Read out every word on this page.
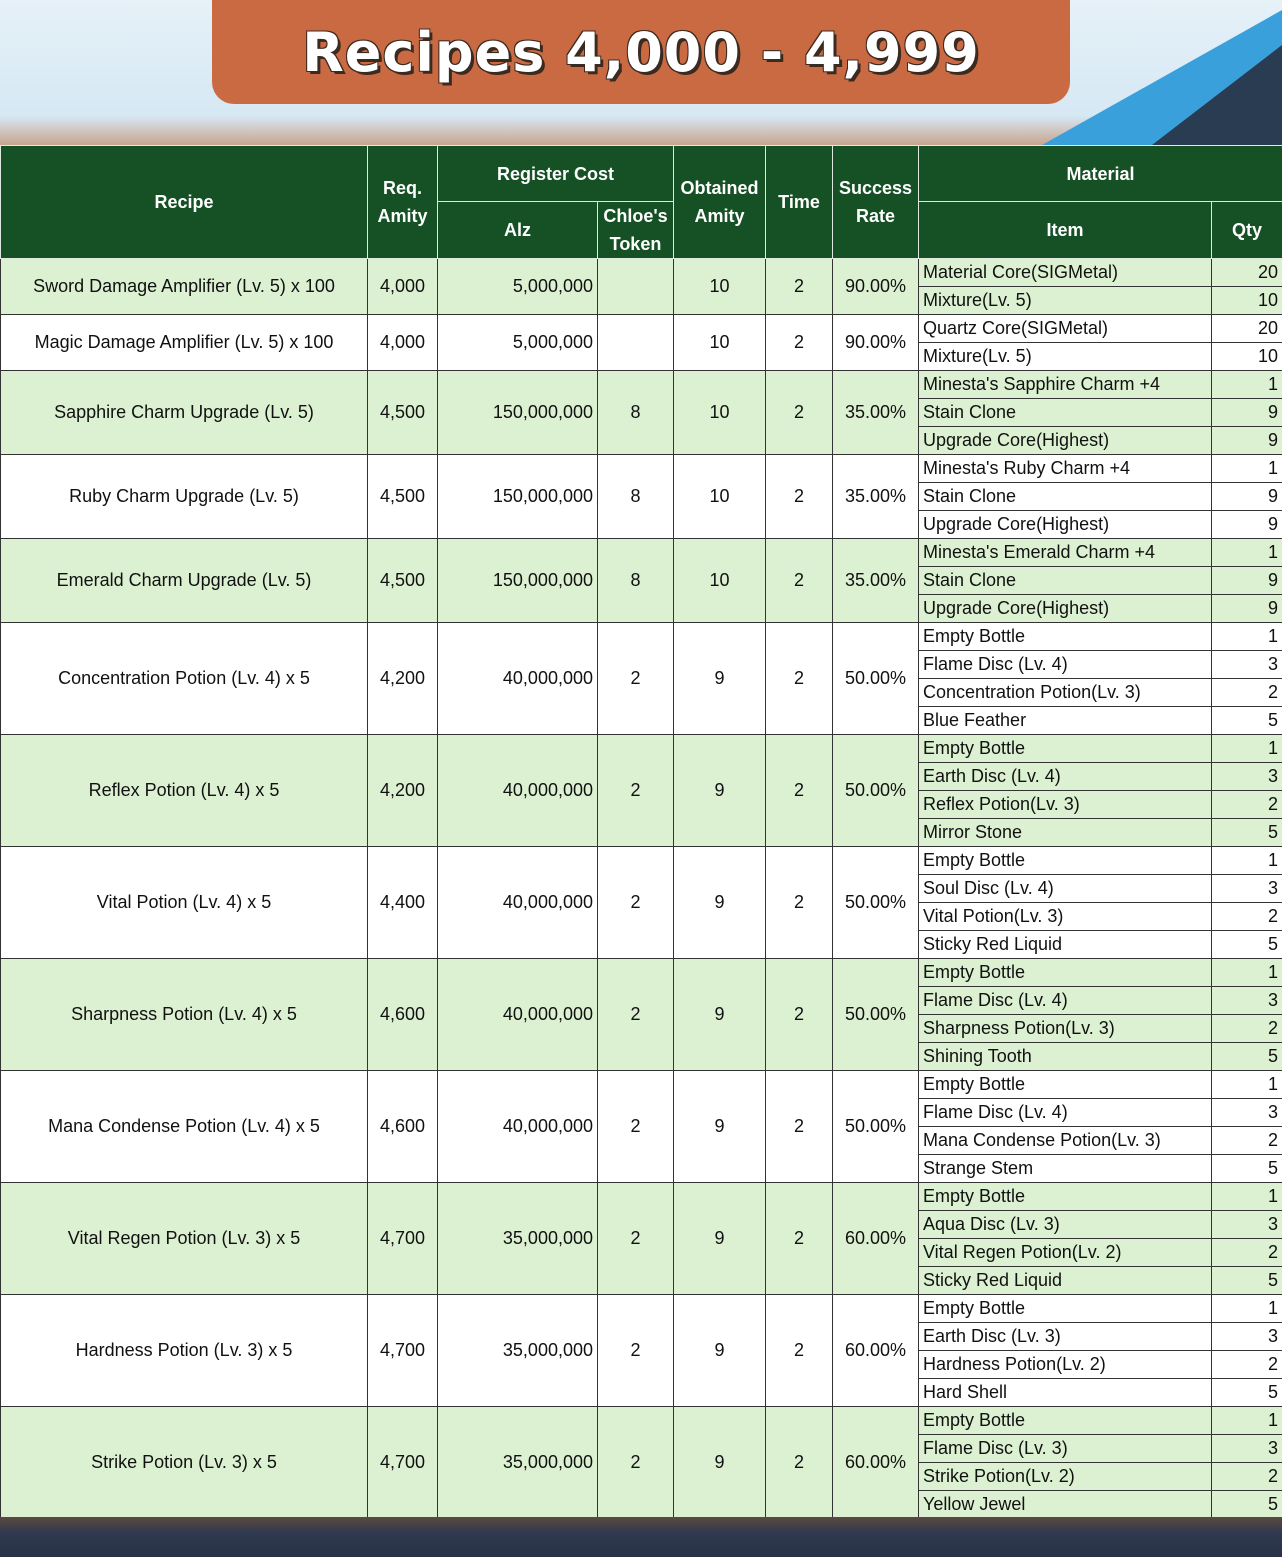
Recipes 4,000 - 4,999
Recipe	Req. Amity	Register Cost		Obtained Amity	Time	Success Rate	Material	
		Alz	Chloe's Token				Item	Qty
Sword Damage Amplifier (Lv. 5) x 100	4,000	5,000,000		10	2	90.00%	Material Core(SIGMetal)	20
							Mixture(Lv. 5)	10
Magic Damage Amplifier (Lv. 5) x 100	4,000	5,000,000		10	2	90.00%	Quartz Core(SIGMetal)	20
							Mixture(Lv. 5)	10
Sapphire Charm Upgrade (Lv. 5)	4,500	150,000,000	8	10	2	35.00%	Minesta's Sapphire Charm +4	1
							Stain Clone	9
							Upgrade Core(Highest)	9
Ruby Charm Upgrade (Lv. 5)	4,500	150,000,000	8	10	2	35.00%	Minesta's Ruby Charm +4	1
							Stain Clone	9
							Upgrade Core(Highest)	9
Emerald Charm Upgrade (Lv. 5)	4,500	150,000,000	8	10	2	35.00%	Minesta's Emerald Charm +4	1
							Stain Clone	9
							Upgrade Core(Highest)	9
Concentration Potion (Lv. 4) x 5	4,200	40,000,000	2	9	2	50.00%	Empty Bottle	1
							Flame Disc (Lv. 4)	3
							Concentration Potion(Lv. 3)	2
							Blue Feather	5
Reflex Potion (Lv. 4) x 5	4,200	40,000,000	2	9	2	50.00%	Empty Bottle	1
							Earth Disc (Lv. 4)	3
							Reflex Potion(Lv. 3)	2
							Mirror Stone	5
Vital Potion (Lv. 4) x 5	4,400	40,000,000	2	9	2	50.00%	Empty Bottle	1
							Soul Disc (Lv. 4)	3
							Vital Potion(Lv. 3)	2
							Sticky Red Liquid	5
Sharpness Potion (Lv. 4) x 5	4,600	40,000,000	2	9	2	50.00%	Empty Bottle	1
							Flame Disc (Lv. 4)	3
							Sharpness Potion(Lv. 3)	2
							Shining Tooth	5
Mana Condense Potion (Lv. 4) x 5	4,600	40,000,000	2	9	2	50.00%	Empty Bottle	1
							Flame Disc (Lv. 4)	3
							Mana Condense Potion(Lv. 3)	2
							Strange Stem	5
Vital Regen Potion (Lv. 3) x 5	4,700	35,000,000	2	9	2	60.00%	Empty Bottle	1
							Aqua Disc (Lv. 3)	3
							Vital Regen Potion(Lv. 2)	2
							Sticky Red Liquid	5
Hardness Potion (Lv. 3) x 5	4,700	35,000,000	2	9	2	60.00%	Empty Bottle	1
							Earth Disc (Lv. 3)	3
							Hardness Potion(Lv. 2)	2
							Hard Shell	5
Strike Potion (Lv. 3) x 5	4,700	35,000,000	2	9	2	60.00%	Empty Bottle	1
							Flame Disc (Lv. 3)	3
							Strike Potion(Lv. 2)	2
							Yellow Jewel	5
